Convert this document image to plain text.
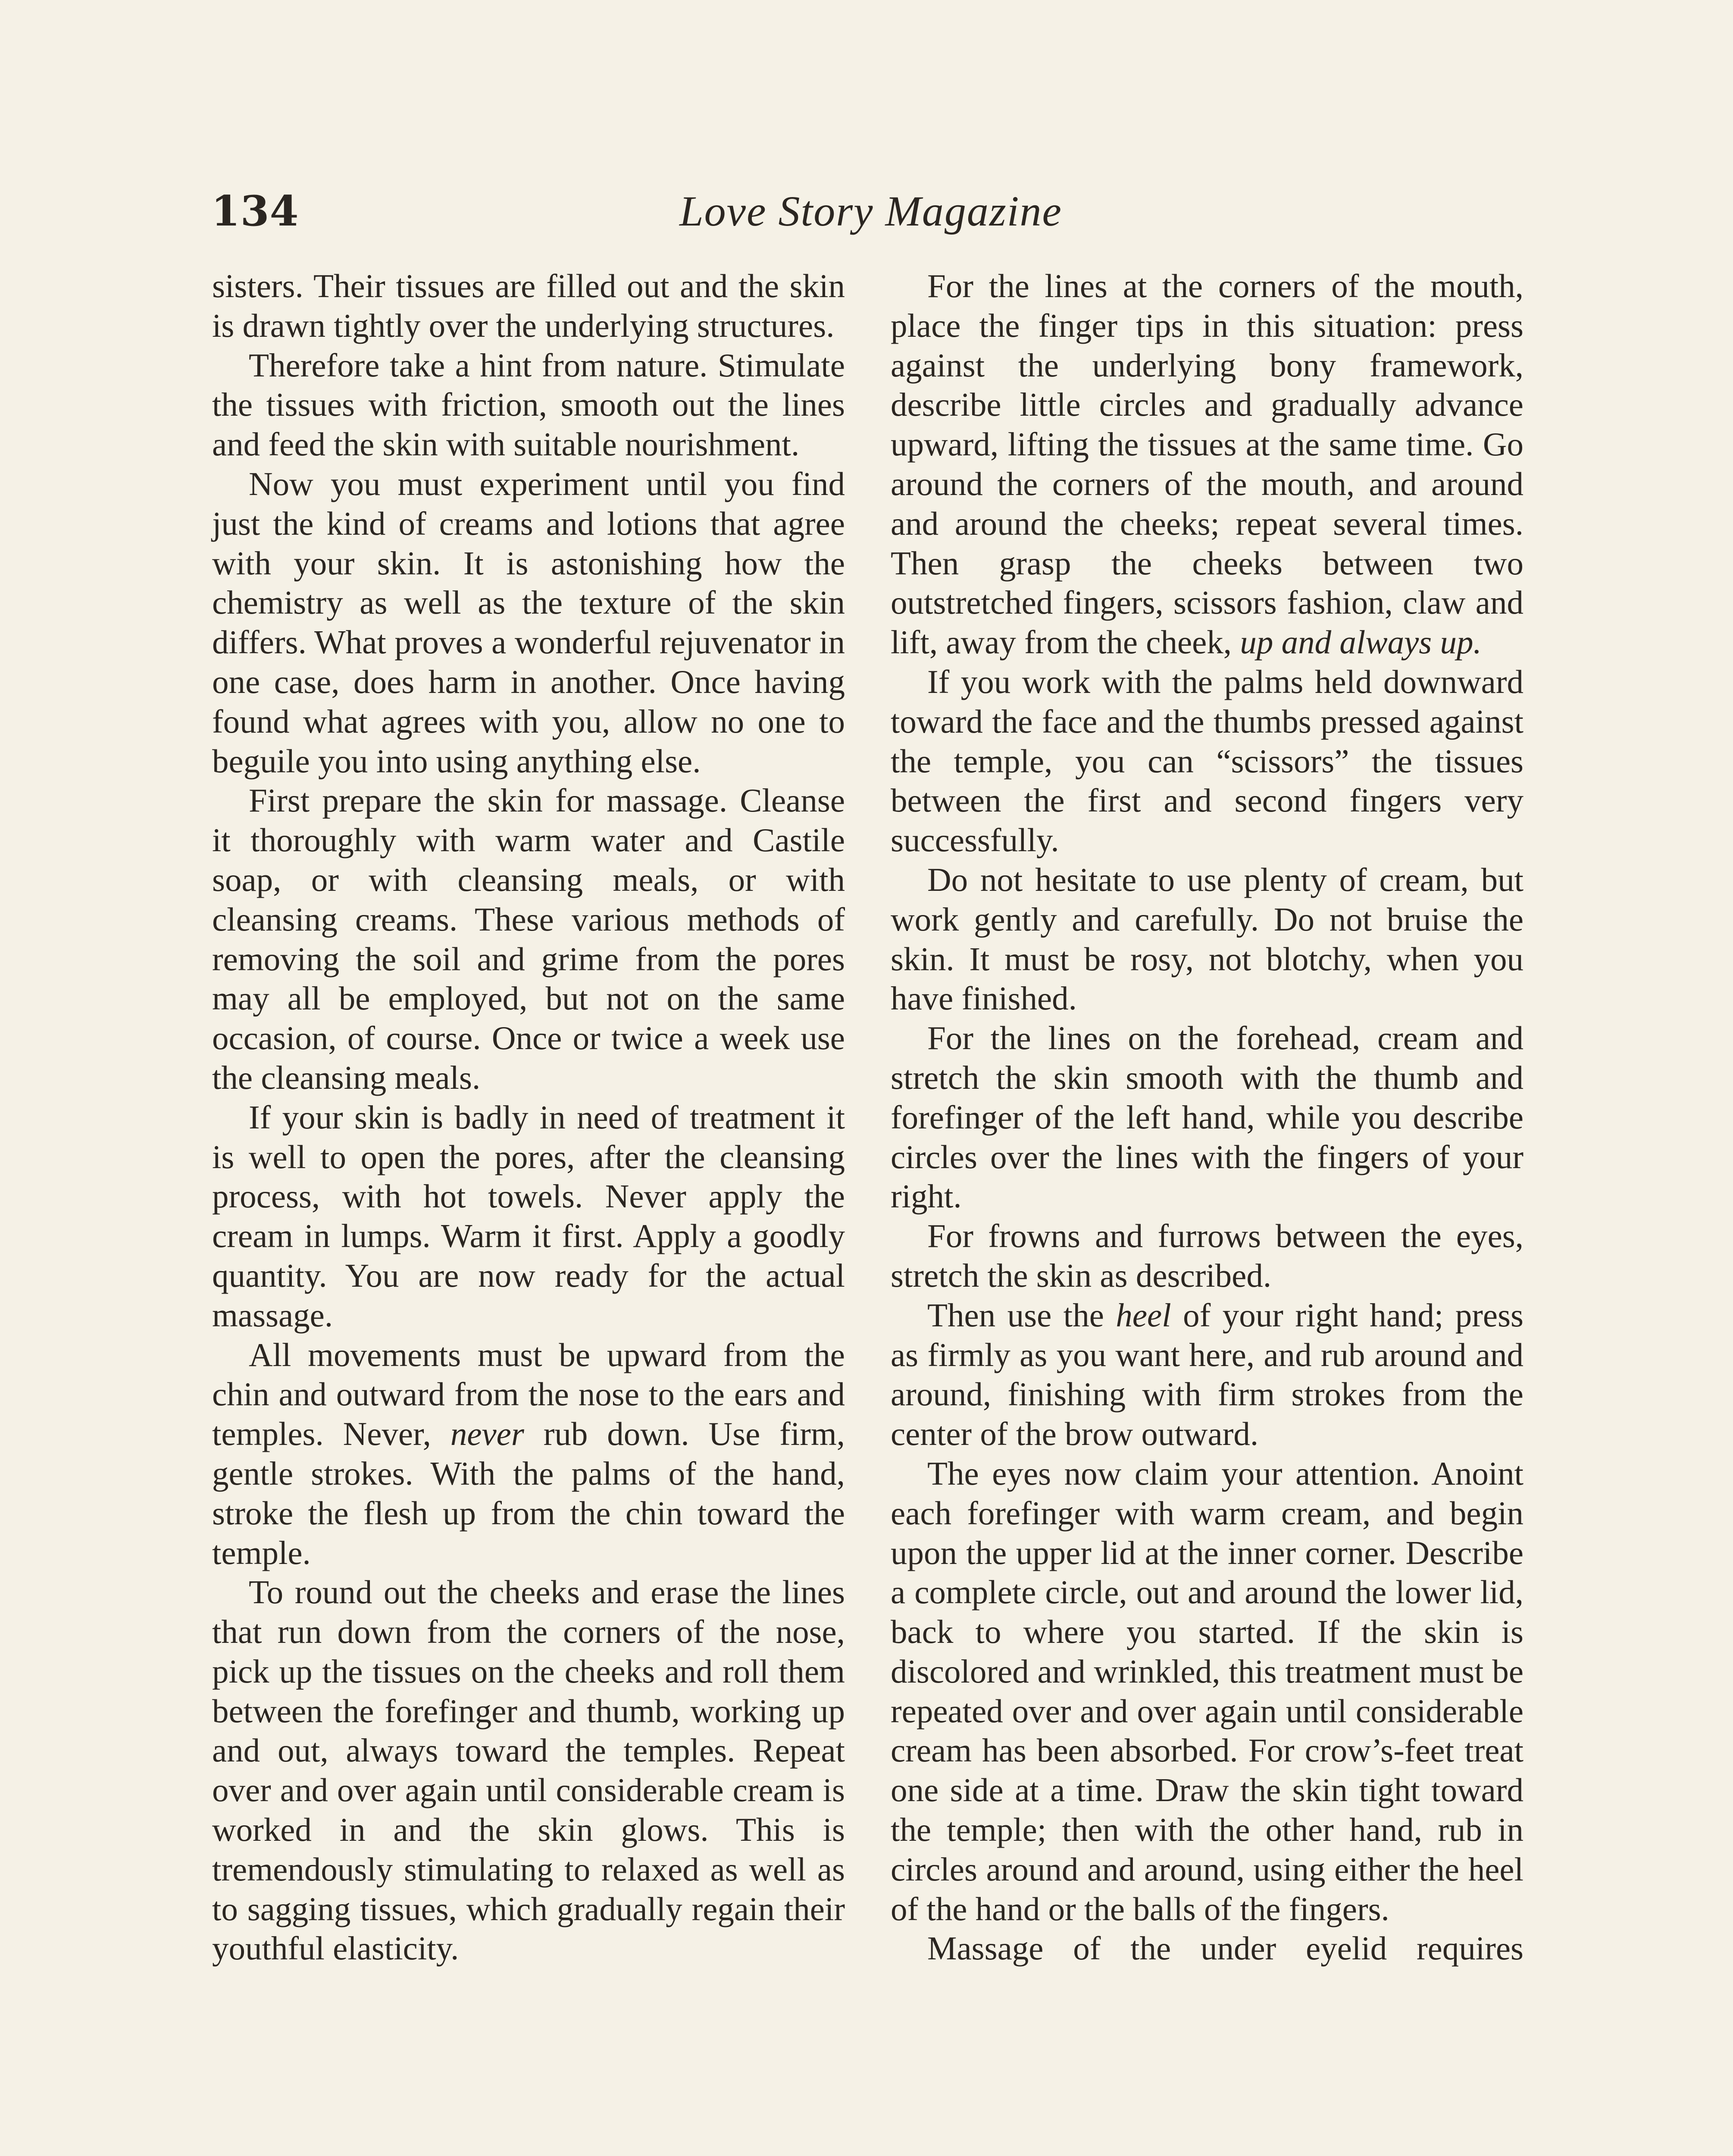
134	Love Story Magazine

sisters. Their tissues are filled out and the skin is drawn tightly over the underlying structures.

Therefore take a hint from nature. Stimulate the tissues with friction, smooth out the lines and feed the skin with suitable nourishment.

Now you must experiment until you find just the kind of creams and lotions that agree with your skin. It is astonishing how the chemistry as well as the texture of the skin differs. What proves a wonderful rejuvenator in one case, does harm in another. Once having found what agrees with you, allow no one to beguile you into using anything else.

First prepare the skin for massage. Cleanse it thoroughly with warm water and Castile soap, or with cleansing meals, or with cleansing creams. These various methods of removing the soil and grime from the pores may all be employed, but not on the same occasion, of course. Once or twice a week use the cleansing meals.

If your skin is badly in need of treatment it is well to open the pores, after the cleansing process, with hot towels. Never apply the cream in lumps. Warm it first. Apply a goodly quantity. You are now ready for the actual massage.

All movements must be upward from the chin and outward from the nose to the ears and temples. Never, never rub down. Use firm, gentle strokes. With the palms of the hand, stroke the flesh up from the chin toward the temple.

To round out the cheeks and erase the lines that run down from the corners of the nose, pick up the tissues on the cheeks and roll them between the forefinger and thumb, working up and out, always toward the temples. Repeat over and over again until considerable cream is worked in and the skin glows. This is tremendously stimulating to relaxed as well as to sagging tissues, which gradually regain their youthful elasticity.

For the lines at the corners of the mouth, place the finger tips in this situation: press against the underlying bony framework, describe little circles and gradually advance upward, lifting the tissues at the same time. Go around the corners of the mouth, and around and around the cheeks; repeat several times. Then grasp the cheeks between two outstretched fingers, scissors fashion, claw and lift, away from the cheek, up and always up.

If you work with the palms held downward toward the face and the thumbs pressed against the temple, you can “scissors” the tissues between the first and second fingers very successfully.

Do not hesitate to use plenty of cream, but work gently and carefully. Do not bruise the skin. It must be rosy, not blotchy, when you have finished.

For the lines on the forehead, cream and stretch the skin smooth with the thumb and forefinger of the left hand, while you describe circles over the lines with the fingers of your right.

For frowns and furrows between the eyes, stretch the skin as described.

Then use the heel of your right hand; press as firmly as you want here, and rub around and around, finishing with firm strokes from the center of the brow outward.

The eyes now claim your attention. Anoint each forefinger with warm cream, and begin upon the upper lid at the inner corner. Describe a complete circle, out and around the lower lid, back to where you started. If the skin is discolored and wrinkled, this treatment must be repeated over and over again until considerable cream has been absorbed. For crow’s-feet treat one side at a time. Draw the skin tight toward the temple; then with the other hand, rub in circles around and around, using either the heel of the hand or the balls of the fingers.

Massage of the under eyelid requires
